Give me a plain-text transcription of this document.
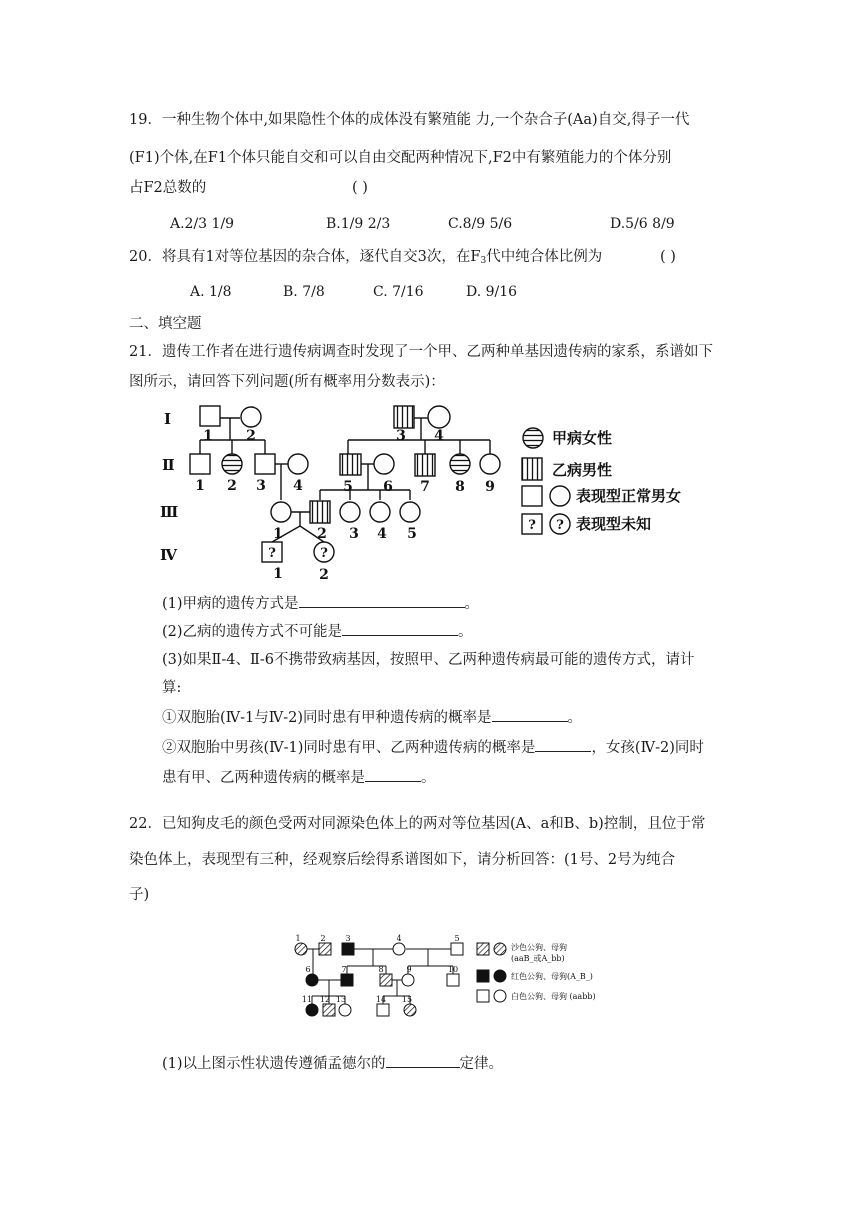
19．一种生物个体中,如果隐性个体的成体没有繁殖能 力,一个杂合子(Aa)自交,得子一代
(F1)个体,在F1个体只能自交和可以自由交配两种情况下,F2中有繁殖能力的个体分别
占F2总数的	( )
A.2/3 1/9	B.1/9 2/3	C.8/9 5/6	D.5/6 8/9
20．将具有1对等位基因的杂合体，逐代自交3次，在$F_3$代中纯合体比例为	( )
A. 1/8	B. 7/8	C. 7/16	D. 9/16
二、填空题
21．遗传工作者在进行遗传病调查时发现了一个甲、乙两种单基因遗传病的家系，系谱如下
图所示，请回答下列问题(所有概率用分数表示)：
Ⅰ
Ⅱ
Ⅲ
Ⅳ
1 2	3 4
1 2 3 4	5 6 7 8 9
1 2 3 4 5
1	2
?	?
? ?
甲病女性
乙病男性
表现型正常男女
表现型未知
(1)甲病的遗传方式是	。
(2)乙病的遗传方式不可能是	。
(3)如果Ⅱ-4、Ⅱ-6不携带致病基因，按照甲、乙两种遗传病最可能的遗传方式，请计
算:
①双胞胎(Ⅳ-1与Ⅳ-2)同时患有甲种遗传病的概率是	。
②双胞胎中男孩(Ⅳ-1)同时患有甲、乙两种遗传病的概率是	，女孩(Ⅳ-2)同时
患有甲、乙两种遗传病的概率是	。
22．已知狗皮毛的颜色受两对同源染色体上的两对等位基因(A、a和B、b)控制，且位于常
染色体上，表现型有三种，经观察后绘得系谱图如下，请分析回答：(1号、2号为纯合
子)
1 2 3	4	5
6	7	8	9	10
11 12 13	14 15
沙色公狗、母狗
(aaB_或A_bb)
红色公狗、母狗(A_B_)
白色公狗、母狗 (aabb)
(1)以上图示性状遗传遵循孟德尔的	定律。
